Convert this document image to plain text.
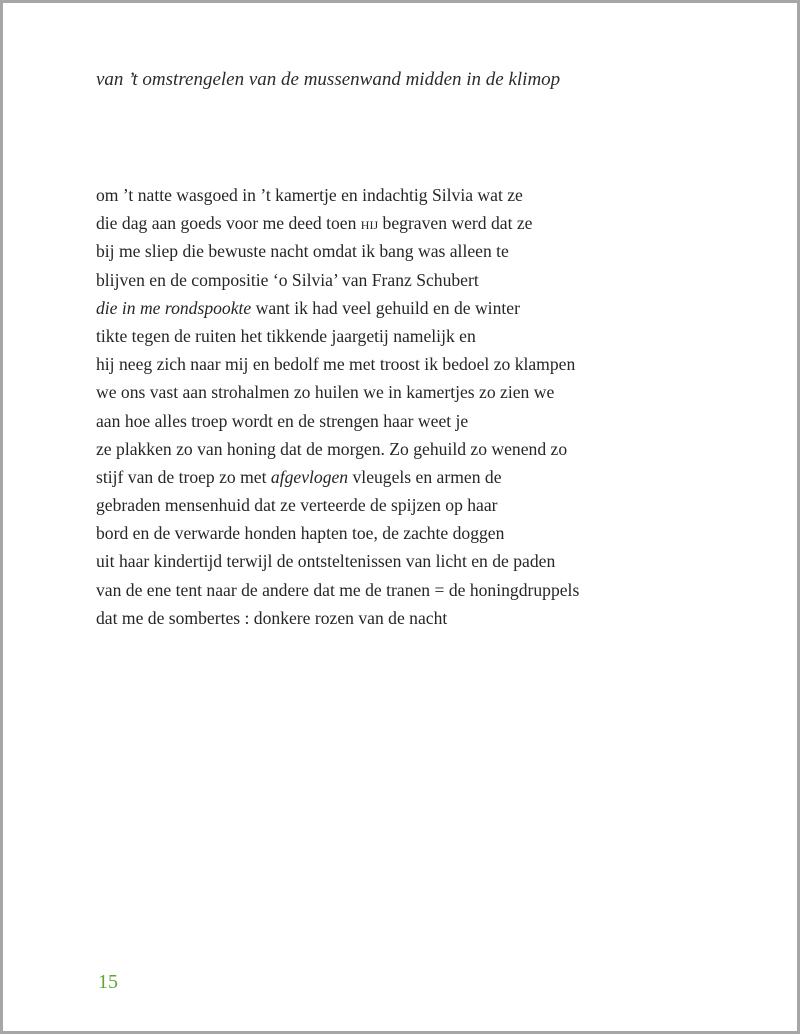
van ’t omstrengelen van de mussenwand midden in de klimop

om ’t natte wasgoed in ’t kamertje en indachtig Silvia wat ze
die dag aan goeds voor me deed toen hij begraven werd dat ze
bij me sliep die bewuste nacht omdat ik bang was alleen te
blijven en de compositie ‘o Silvia’ van Franz Schubert
die in me rondspookte want ik had veel gehuild en de winter
tikte tegen de ruiten het tikkende jaargetij namelijk en
hij neeg zich naar mij en bedolf me met troost ik bedoel zo klampen
we ons vast aan strohalmen zo huilen we in kamertjes zo zien we
aan hoe alles troep wordt en de strengen haar weet je
ze plakken zo van honing dat de morgen. Zo gehuild zo wenend zo
stijf van de troep zo met afgevlogen vleugels en armen de
gebraden mensenhuid dat ze verteerde de spijzen op haar
bord en de verwarde honden hapten toe, de zachte doggen
uit haar kindertijd terwijl de ontsteltenissen van licht en de paden
van de ene tent naar de andere dat me de tranen = de honingdruppels
dat me de sombertes : donkere rozen van de nacht
15
